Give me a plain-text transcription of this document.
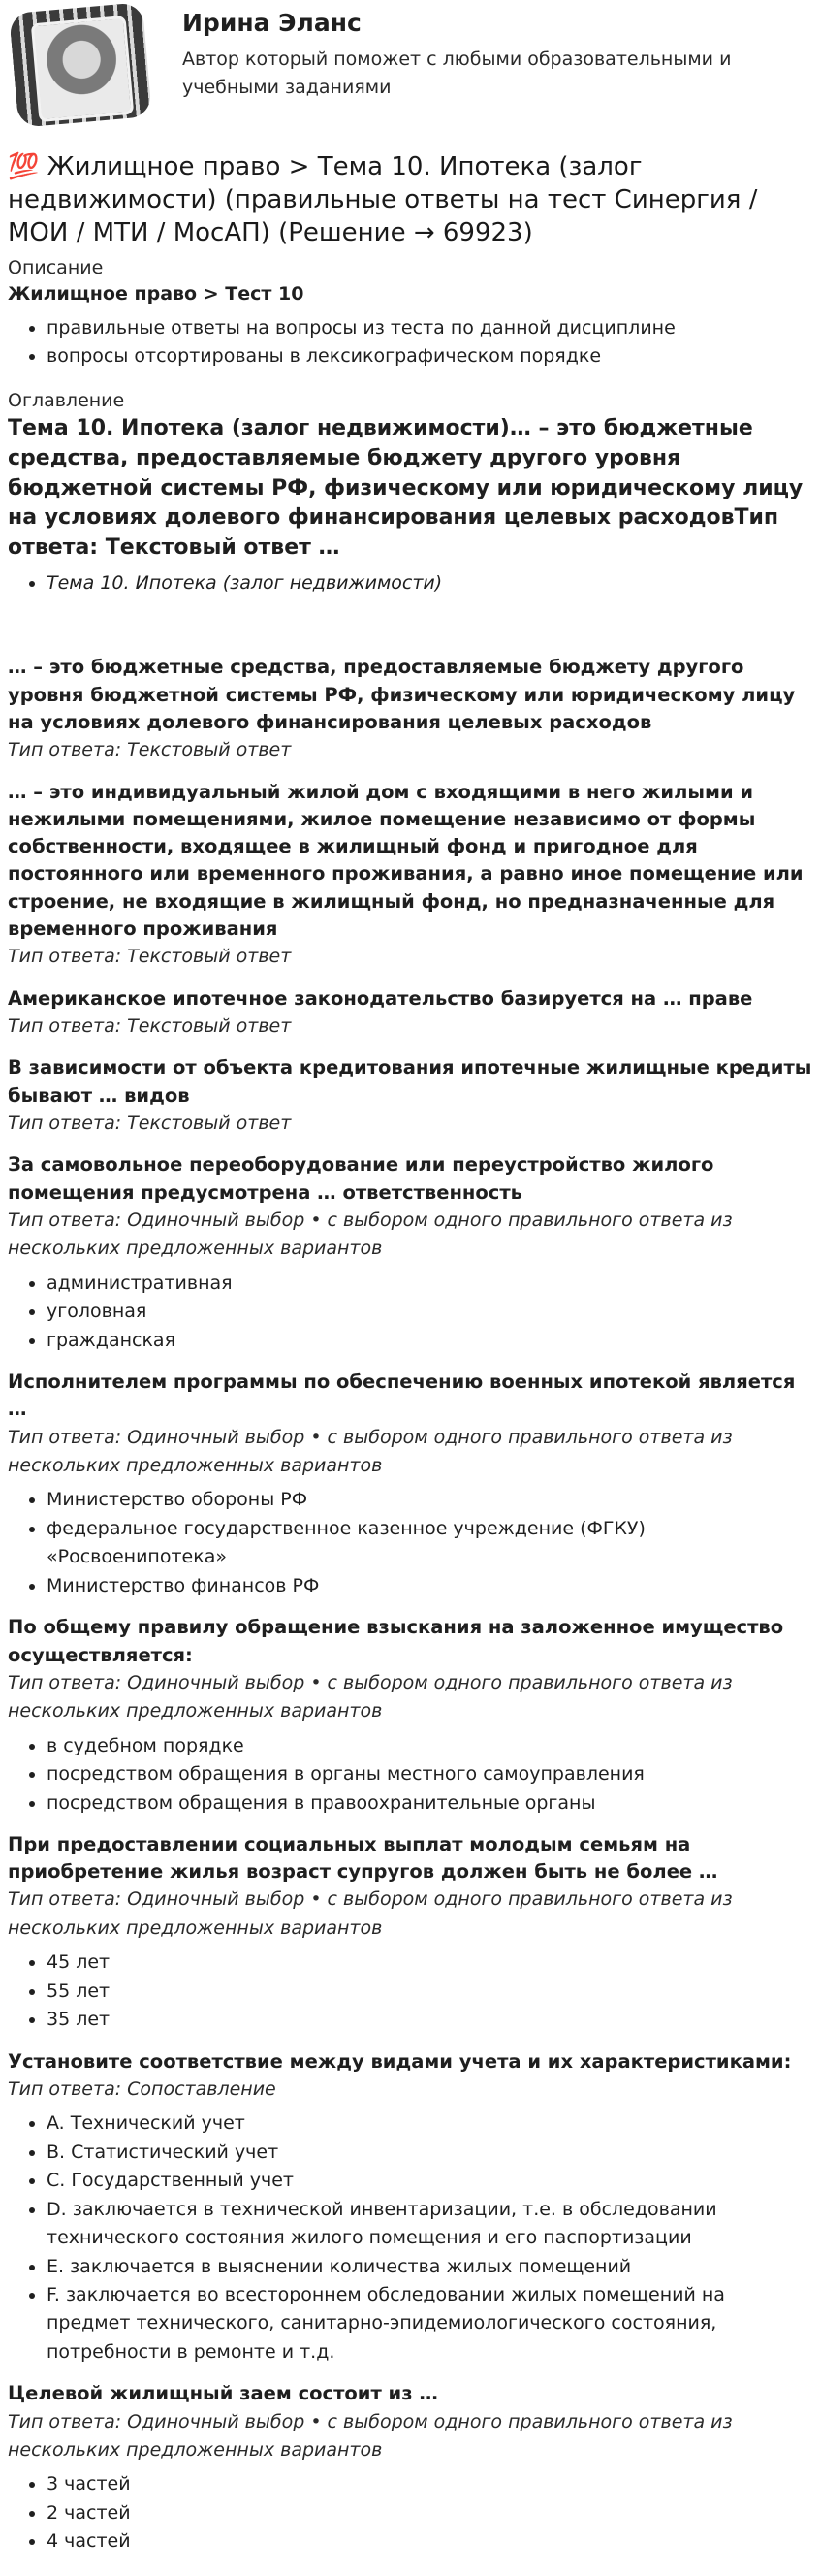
Ирина Эланс
Автор который поможет с любыми образовательными и учебными заданиями
💯 Жилищное право > Тема 10. Ипотека (залог недвижимости) (правильные ответы на тест Синергия / МОИ / МТИ / МосАП) (Решение → 69923)
Описание
Жилищное право > Тест 10
• правильные ответы на вопросы из теста по данной дисциплине
• вопросы отсортированы в лексикографическом порядке
Оглавление
Тема 10. Ипотека (залог недвижимости)… – это бюджетные средства, предоставляемые бюджету другого уровня бюджетной системы РФ, физическому или юридическому лицу на условиях долевого финансирования целевых расходовТип ответа: Текстовый ответ …
• Тема 10. Ипотека (залог недвижимости)
… – это бюджетные средства, предоставляемые бюджету другого уровня бюджетной системы РФ, физическому или юридическому лицу на условиях долевого финансирования целевых расходов
Тип ответа: Текстовый ответ
… – это индивидуальный жилой дом с входящими в него жилыми и нежилыми помещениями, жилое помещение независимо от формы собственности, входящее в жилищный фонд и пригодное для постоянного или временного проживания, а равно иное помещение или строение, не входящие в жилищный фонд, но предназначенные для временного проживания
Тип ответа: Текстовый ответ
Американское ипотечное законодательство базируется на … праве
Тип ответа: Текстовый ответ
В зависимости от объекта кредитования ипотечные жилищные кредиты бывают … видов
Тип ответа: Текстовый ответ
За самовольное переоборудование или переустройство жилого помещения предусмотрена … ответственность
Тип ответа: Одиночный выбор • с выбором одного правильного ответа из нескольких предложенных вариантов
• административная
• уголовная
• гражданская
Исполнителем программы по обеспечению военных ипотекой является …
Тип ответа: Одиночный выбор • с выбором одного правильного ответа из нескольких предложенных вариантов
• Министерство обороны РФ
• федеральное государственное казенное учреждение (ФГКУ) «Росвоенипотека»
• Министерство финансов РФ
По общему правилу обращение взыскания на заложенное имущество осуществляется:
Тип ответа: Одиночный выбор • с выбором одного правильного ответа из нескольких предложенных вариантов
• в судебном порядке
• посредством обращения в органы местного самоуправления
• посредством обращения в правоохранительные органы
При предоставлении социальных выплат молодым семьям на приобретение жилья возраст супругов должен быть не более …
Тип ответа: Одиночный выбор • с выбором одного правильного ответа из нескольких предложенных вариантов
• 45 лет
• 55 лет
• 35 лет
Установите соответствие между видами учета и их характеристиками:
Тип ответа: Сопоставление
• A. Технический учет
• B. Статистический учет
• C. Государственный учет
• D. заключается в технической инвентаризации, т.е. в обследовании технического состояния жилого помещения и его паспортизации
• E. заключается в выяснении количества жилых помещений
• F. заключается во всестороннем обследовании жилых помещений на предмет технического, санитарно-эпидемиологического состояния, потребности в ремонте и т.д.
Целевой жилищный заем состоит из …
Тип ответа: Одиночный выбор • с выбором одного правильного ответа из нескольких предложенных вариантов
• 3 частей
• 2 частей
• 4 частей
